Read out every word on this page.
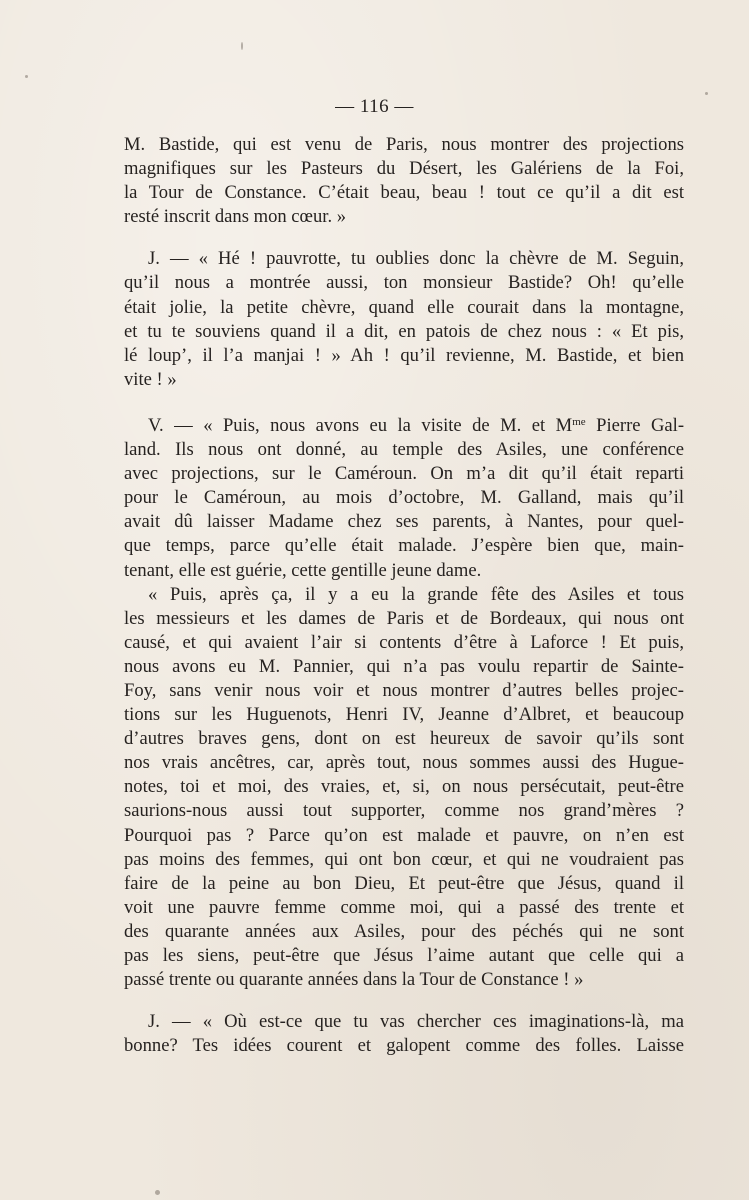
— 116 —
M. Bastide, qui est venu de Paris, nous montrer des projections
magnifiques sur les Pasteurs du Désert, les Galériens de la Foi,
la Tour de Constance. C’était beau, beau ! tout ce qu’il a dit est
resté inscrit dans mon cœur. »
J. — « Hé ! pauvrotte, tu oublies donc la chèvre de M. Seguin,
qu’il nous a montrée aussi, ton monsieur Bastide? Oh! qu’elle
était jolie, la petite chèvre, quand elle courait dans la montagne,
et tu te souviens quand il a dit, en patois de chez nous : « Et pis,
lé loup’, il l’a manjai ! » Ah ! qu’il revienne, M. Bastide, et bien
vite ! »
V. — « Puis, nous avons eu la visite de M. et $M^{me}$ Pierre Gal-
land. Ils nous ont donné, au temple des Asiles, une conférence
avec projections, sur le Caméroun. On m’a dit qu’il était reparti
pour le Caméroun, au mois d’octobre, M. Galland, mais qu’il
avait dû laisser Madame chez ses parents, à Nantes, pour quel-
que temps, parce qu’elle était malade. J’espère bien que, main-
tenant, elle est guérie, cette gentille jeune dame.
« Puis, après ça, il y a eu la grande fête des Asiles et tous
les messieurs et les dames de Paris et de Bordeaux, qui nous ont
causé, et qui avaient l’air si contents d’être à Laforce ! Et puis,
nous avons eu M. Pannier, qui n’a pas voulu repartir de Sainte-
Foy, sans venir nous voir et nous montrer d’autres belles projec-
tions sur les Huguenots, Henri IV, Jeanne d’Albret, et beaucoup
d’autres braves gens, dont on est heureux de savoir qu’ils sont
nos vrais ancêtres, car, après tout, nous sommes aussi des Hugue-
notes, toi et moi, des vraies, et, si, on nous persécutait, peut-être
saurions-nous aussi tout supporter, comme nos grand’mères ?
Pourquoi pas ? Parce qu’on est malade et pauvre, on n’en est
pas moins des femmes, qui ont bon cœur, et qui ne voudraient pas
faire de la peine au bon Dieu, Et peut-être que Jésus, quand il
voit une pauvre femme comme moi, qui a passé des trente et
des quarante années aux Asiles, pour des péchés qui ne sont
pas les siens, peut-être que Jésus l’aime autant que celle qui a
passé trente ou quarante années dans la Tour de Constance ! »
J. — « Où est-ce que tu vas chercher ces imaginations-là, ma
bonne? Tes idées courent et galopent comme des folles. Laisse
